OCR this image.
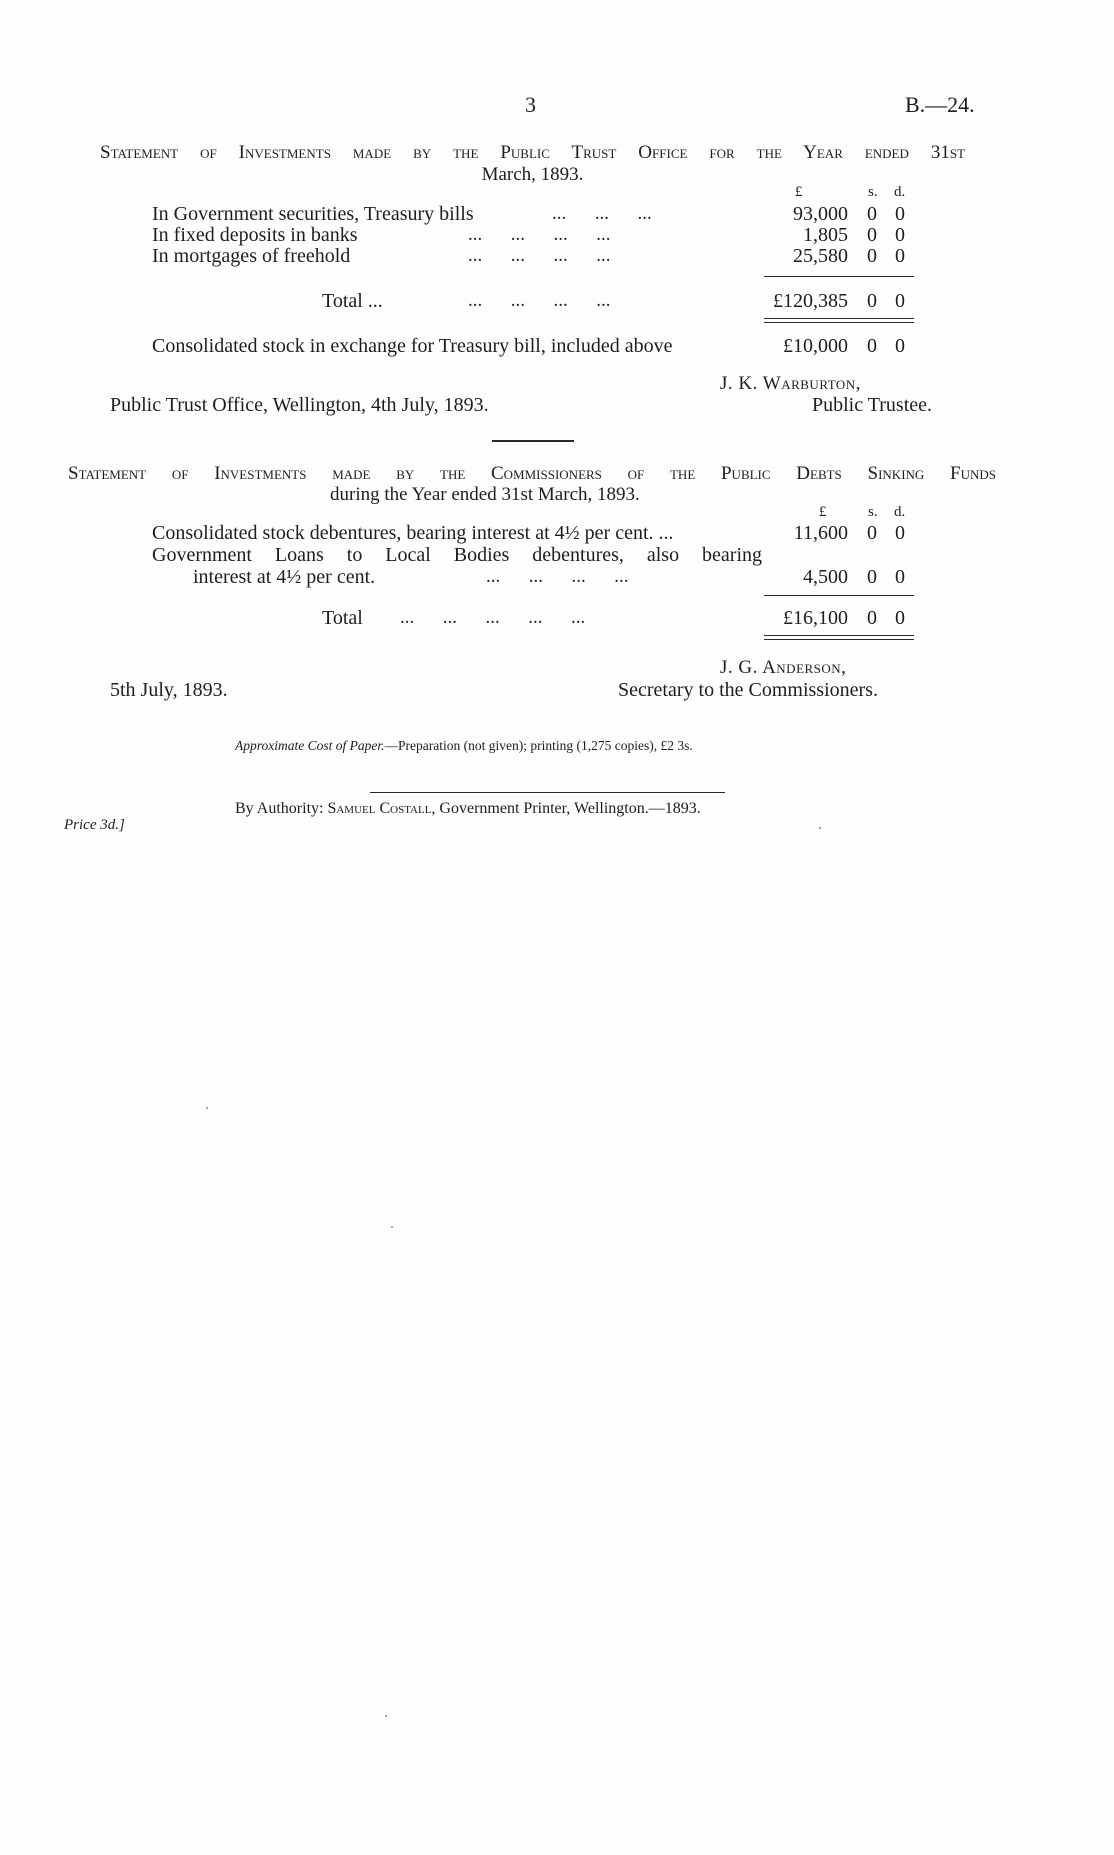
3	B.—24.
Statement of Investments made by the Public Trust Office for the Year ended 31st
March, 1893.
£	s. d.
In Government securities, Treasury bills	...      ...      ...	93,000 0 0
In fixed deposits in banks	...      ...      ...      ...	1,805 0 0
In mortgages of freehold	...      ...      ...      ...	25,580 0 0
Total ...	...      ...      ...      ...	£120,385 0 0
Consolidated stock in exchange for Treasury bill, included above	£10,000 0 0
J. K. Warburton,
Public Trust Office, Wellington, 4th July, 1893.	Public Trustee.
Statement of Investments made by the Commissioners of the Public Debts Sinking Funds
during the Year ended 31st March, 1893.
£	s. d.
Consolidated stock debentures, bearing interest at 4½ per cent. ...	11,600 0 0
Government Loans to Local Bodies debentures, also bearing
interest at 4½ per cent.	...      ...      ...      ...	4,500 0 0
Total ...      ...      ...      ...      ...	£16,100 0 0
J. G. Anderson,
5th July, 1893.	Secretary to the Commissioners.
Approximate Cost of Paper.—Preparation (not given); printing (1,275 copies), £2 3s.
By Authority: Samuel Costall, Government Printer, Wellington.—1893.
Price 3d.]
